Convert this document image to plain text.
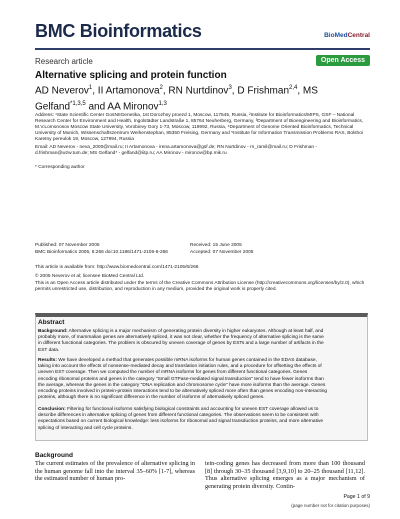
BMC Bioinformatics	BioMedCentral
Research article	Open Access
Alternative splicing and protein function
AD Neverov$^1$, II Artamonova$^2$, RN Nurtdinov$^3$, D Frishman$^{2,4}$, MS Gelfand$^{*1,3,5}$ and AA Mironov$^{1,3}$
Address: ¹State Scientific Center GosNIIGenetika, 1st Dorozhny proezd 1, Moscow, 117545, Russia, ²Institute for Bioinformatics/MIPS, GSF – National Research Center for Environment and Health, Ingolstädter Landstraße 1, 85764 Neuherberg, Germany, ³Department of Bioengineering and Bioinformatics, M.V.Lomonosov Moscow State University, Vorobievy Gory 1-73, Moscow, 119992, Russia, ⁴Department of Genome Oriented Bioinformatics, Technical University of Munich, Wissenschaftszentrum Weihenstephan, 85350 Freising, Germany and ⁵Institute for Information Transmission Problems RAS, Bolshoi Karetny pereulok 19, Moscow, 127994, Russia
Email: AD Neverov - neva_2000@mail.ru; II Artamonova - irena.artamonova@gsf.de; RN Nurtdinov - rn_ramil@mail.ru; D Frishman - d.frishman@wzw.tum.de; MS Gelfand* - gelfand@iitp.ru; AA Mironov - mironov@bp.mik.ru
* Corresponding author
Published: 07 November 2005	Received: 15 June 2005
BMC Bioinformatics 2005, 6:266 doi:10.1186/1471-2105-6-266	Accepted: 07 November 2005
This article is available from: http://www.biomedcentral.com/1471-2105/6/266
© 2005 Neverov et al; licensee BioMed Central Ltd.
This is an Open Access article distributed under the terms of the Creative Commons Attribution License (http://creativecommons.org/licenses/by/2.0), which permits unrestricted use, distribution, and reproduction in any medium, provided the original work is properly cited.
Abstract
Background: Alternative splicing is a major mechanism of generating protein diversity in higher eukaryotes. Although at least half, and probably more, of mammalian genes are alternatively spliced, it was not clear, whether the frequency of alternative splicing is the same in different functional categories. The problem is obscured by uneven coverage of genes by ESTs and a large number of artifacts in the EST data.
Results: We have developed a method that generates possible mRNA isoforms for human genes contained in the EDAS database, taking into account the effects of nonsense-mediated decay and translation initiation rules, and a procedure for offsetting the effects of uneven EST coverage. Then we computed the number of mRNA isoforms for genes from different functional categories. Genes encoding ribosomal proteins and genes in the category "Small GTPase-mediated signal transduction" tend to have fewer isoforms than the average, whereas the genes in the category "DNA replication and chromosome cycle" have more isoforms than the average. Genes encoding proteins involved in protein-protein interactions tend to be alternatively spliced more often than genes encoding non-interacting proteins, although there is no significant difference in the number of isoforms of alternatively spliced genes.
Conclusion: Filtering for functional isoforms satisfying biological constraints and accounting for uneven EST coverage allowed us to describe differences in alternative splicing of genes from different functional categories. The observations seem to be consistent with expectations based on current biological knowledge: less isoforms for ribosomal and signal transduction proteins, and more alternative splicing of interacting and cell cycle proteins.
Background
The current estimates of the prevalence of alternative splicing in the human genome fall into the interval 35–60% [1-7], whereas the estimated number of human pro-
tein-coding genes has decreased from more than 100 thousand [8] through 30–35 thousand [3,9,10] to 20–25 thousand [11,12]. Thus alternative splicing emerges as a major mechanism of generating protein diversity. Contin-
Page 1 of 9
(page number not for citation purposes)
